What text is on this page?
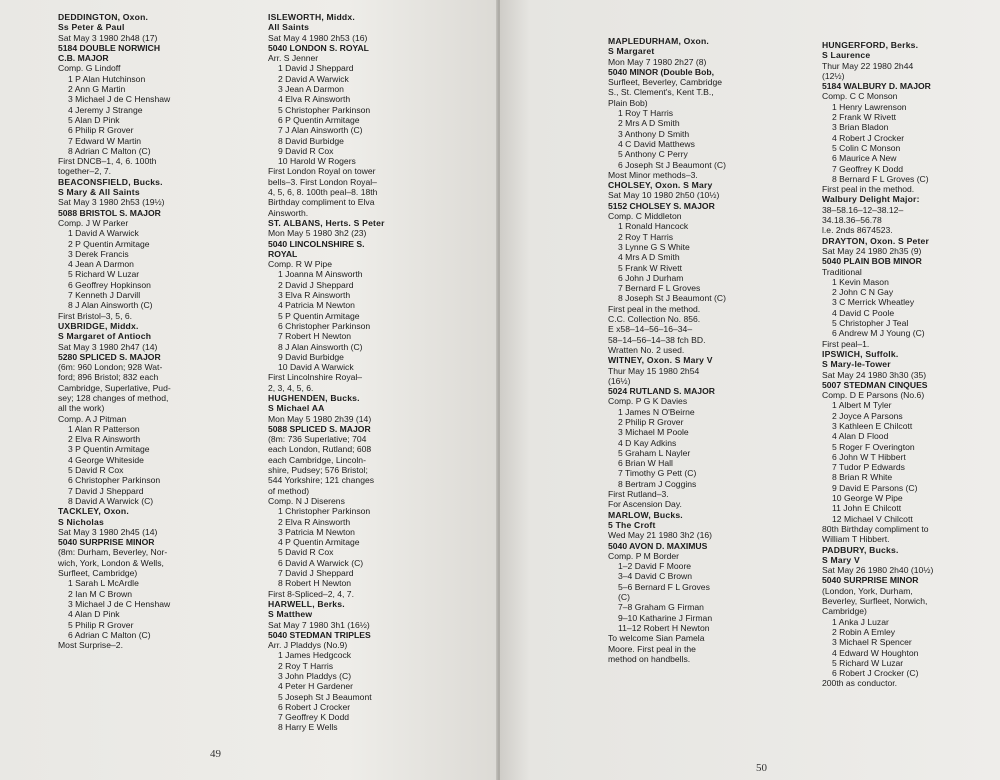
DEDDINGTON, Oxon.
Ss Peter & Paul
Sat May 3 1980 2h48 (17)
5184 DOUBLE NORWICH
C.B. MAJOR
Comp. G Lindoff
1 P Alan Hutchinson
2 Ann G Martin
3 Michael J de C Henshaw
4 Jeremy J Strange
5 Alan D Pink
6 Philip R Grover
7 Edward W Martin
8 Adrian C Malton (C)
First DNCB–1, 4, 6. 100th
together–2, 7.
BEACONSFIELD, Bucks.
S Mary & All Saints
Sat May 3 1980 2h53 (19½)
5088 BRISTOL S. MAJOR
Comp. J W Parker
1 David A Warwick
2 P Quentin Armitage
3 Derek Francis
4 Jean A Darmon
5 Richard W Luzar
6 Geoffrey Hopkinson
7 Kenneth J Darvill
8 J Alan Ainsworth (C)
First Bristol–3, 5, 6.
UXBRIDGE, Middx.
S Margaret of Antioch
Sat May 3 1980 2h47 (14)
5280 SPLICED S. MAJOR
(6m: 960 London; 928 Wat-
ford; 896 Bristol; 832 each
Cambridge, Superlative, Pud-
sey; 128 changes of method,
all the work)
Comp. A J Pitman
1 Alan R Patterson
2 Elva R Ainsworth
3 P Quentin Armitage
4 George Whiteside
5 David R Cox
6 Christopher Parkinson
7 David J Sheppard
8 David A Warwick (C)
TACKLEY, Oxon.
S Nicholas
Sat May 3 1980 2h45 (14)
5040 SURPRISE MINOR
(8m: Durham, Beverley, Nor-
wich, York, London & Wells,
Surfleet, Cambridge)
1 Sarah L McArdle
2 Ian M C Brown
3 Michael J de C Henshaw
4 Alan D Pink
5 Philip R Grover
6 Adrian C Malton (C)
Most Surprise–2.
ISLEWORTH, Middx.
All Saints
Sat May 4 1980 2h53 (16)
5040 LONDON S. ROYAL
Arr. S Jenner
1 David J Sheppard
2 David A Warwick
3 Jean A Darmon
4 Elva R Ainsworth
5 Christopher Parkinson
6 P Quentin Armitage
7 J Alan Ainsworth (C)
8 David Burbidge
9 David R Cox
10 Harold W Rogers
First London Royal on tower
bells–3. First London Royal–
4, 5, 6, 8. 100th peal–8. 18th
Birthday compliment to Elva
Ainsworth.
ST. ALBANS, Herts. S Peter
Mon May 5 1980 3h2 (23)
5040 LINCOLNSHIRE S.
ROYAL
Comp. R W Pipe
1 Joanna M Ainsworth
2 David J Sheppard
3 Elva R Ainsworth
4 Patricia M Newton
5 P Quentin Armitage
6 Christopher Parkinson
7 Robert H Newton
8 J Alan Ainsworth (C)
9 David Burbidge
10 David A Warwick
First Lincolnshire Royal–
2, 3, 4, 5, 6.
HUGHENDEN, Bucks.
S Michael AA
Mon May 5 1980 2h39 (14)
5088 SPLICED S. MAJOR
(8m: 736 Superlative; 704
each London, Rutland; 608
each Cambridge, Lincoln-
shire, Pudsey; 576 Bristol;
544 Yorkshire; 121 changes
of method)
Comp. N J Diserens
1 Christopher Parkinson
2 Elva R Ainsworth
3 Patricia M Newton
4 P Quentin Armitage
5 David R Cox
6 David A Warwick (C)
7 David J Sheppard
8 Robert H Newton
First 8-Spliced–2, 4, 7.
HARWELL, Berks.
S Matthew
Sat May 7 1980 3h1 (16½)
5040 STEDMAN TRIPLES
Arr. J Pladdys (No.9)
1 James Hedgcock
2 Roy T Harris
3 John Pladdys (C)
4 Peter H Gardener
5 Joseph St J Beaumont
6 Robert J Crocker
7 Geoffrey K Dodd
8 Harry E Wells
49
MAPLEDURHAM, Oxon.
S Margaret
Mon May 7 1980 2h27 (8)
5040 MINOR (Double Bob,
Surfleet, Beverley, Cambridge
S., St. Clement's, Kent T.B.,
Plain Bob)
1 Roy T Harris
2 Mrs A D Smith
3 Anthony D Smith
4 C David Matthews
5 Anthony C Perry
6 Joseph St J Beaumont (C)
Most Minor methods–3.
CHOLSEY, Oxon. S Mary
Sat May 10 1980 2h50 (10½)
5152 CHOLSEY S. MAJOR
Comp. C Middleton
1 Ronald Hancock
2 Roy T Harris
3 Lynne G S White
4 Mrs A D Smith
5 Frank W Rivett
6 John J Durham
7 Bernard F L Groves
8 Joseph St J Beaumont (C)
First peal in the method.
C.C. Collection No. 856.
E x58–14–56–16–34–
58–14–56–14–38 fch BD.
Wratten No. 2 used.
WITNEY, Oxon. S Mary V
Thur May 15 1980 2h54
(16½)
5024 RUTLAND S. MAJOR
Comp. P G K Davies
1 James N O'Beirne
2 Philip R Grover
3 Michael M Poole
4 D Kay Adkins
5 Graham L Nayler
6 Brian W Hall
7 Timothy G Pett (C)
8 Bertram J Coggins
First Rutland–3.
For Ascension Day.
MARLOW, Bucks.
5 The Croft
Wed May 21 1980 3h2 (16)
5040 AVON D. MAXIMUS
Comp. P M Border
1–2 David F Moore
3–4 David C Brown
5–6 Bernard F L Groves
(C)
7–8 Graham G Firman
9–10 Katharine J Firman
11–12 Robert H Newton
To welcome Sian Pamela
Moore. First peal in the
method on handbells.
HUNGERFORD, Berks.
S Laurence
Thur May 22 1980 2h44
(12½)
5184 WALBURY D. MAJOR
Comp. C C Monson
1 Henry Lawrenson
2 Frank W Rivett
3 Brian Bladon
4 Robert J Crocker
5 Colin C Monson
6 Maurice A New
7 Geoffrey K Dodd
8 Bernard F L Groves (C)
First peal in the method.
Walbury Delight Major:
38–58.16–12–38.12–
34.18.36–56.78
l.e. 2nds 8674523.
DRAYTON, Oxon. S Peter
Sat May 24 1980 2h35 (9)
5040 PLAIN BOB MINOR
Traditional
1 Kevin Mason
2 John C N Gay
3 C Merrick Wheatley
4 David C Poole
5 Christopher J Teal
6 Andrew M J Young (C)
First peal–1.
IPSWICH, Suffolk.
S Mary-le-Tower
Sat May 24 1980 3h30 (35)
5007 STEDMAN CINQUES
Comp. D E Parsons (No.6)
1 Albert M Tyler
2 Joyce A Parsons
3 Kathleen E Chilcott
4 Alan D Flood
5 Roger F Overington
6 John W T Hibbert
7 Tudor P Edwards
8 Brian R White
9 David E Parsons (C)
10 George W Pipe
11 John E Chilcott
12 Michael V Chilcott
80th Birthday compliment to
William T Hibbert.
PADBURY, Bucks.
S Mary V
Sat May 26 1980 2h40 (10½)
5040 SURPRISE MINOR
(London, York, Durham,
Beverley, Surfleet, Norwich,
Cambridge)
1 Anka J Luzar
2 Robin A Emley
3 Michael R Spencer
4 Edward W Houghton
5 Richard W Luzar
6 Robert J Crocker (C)
200th as conductor.
50
